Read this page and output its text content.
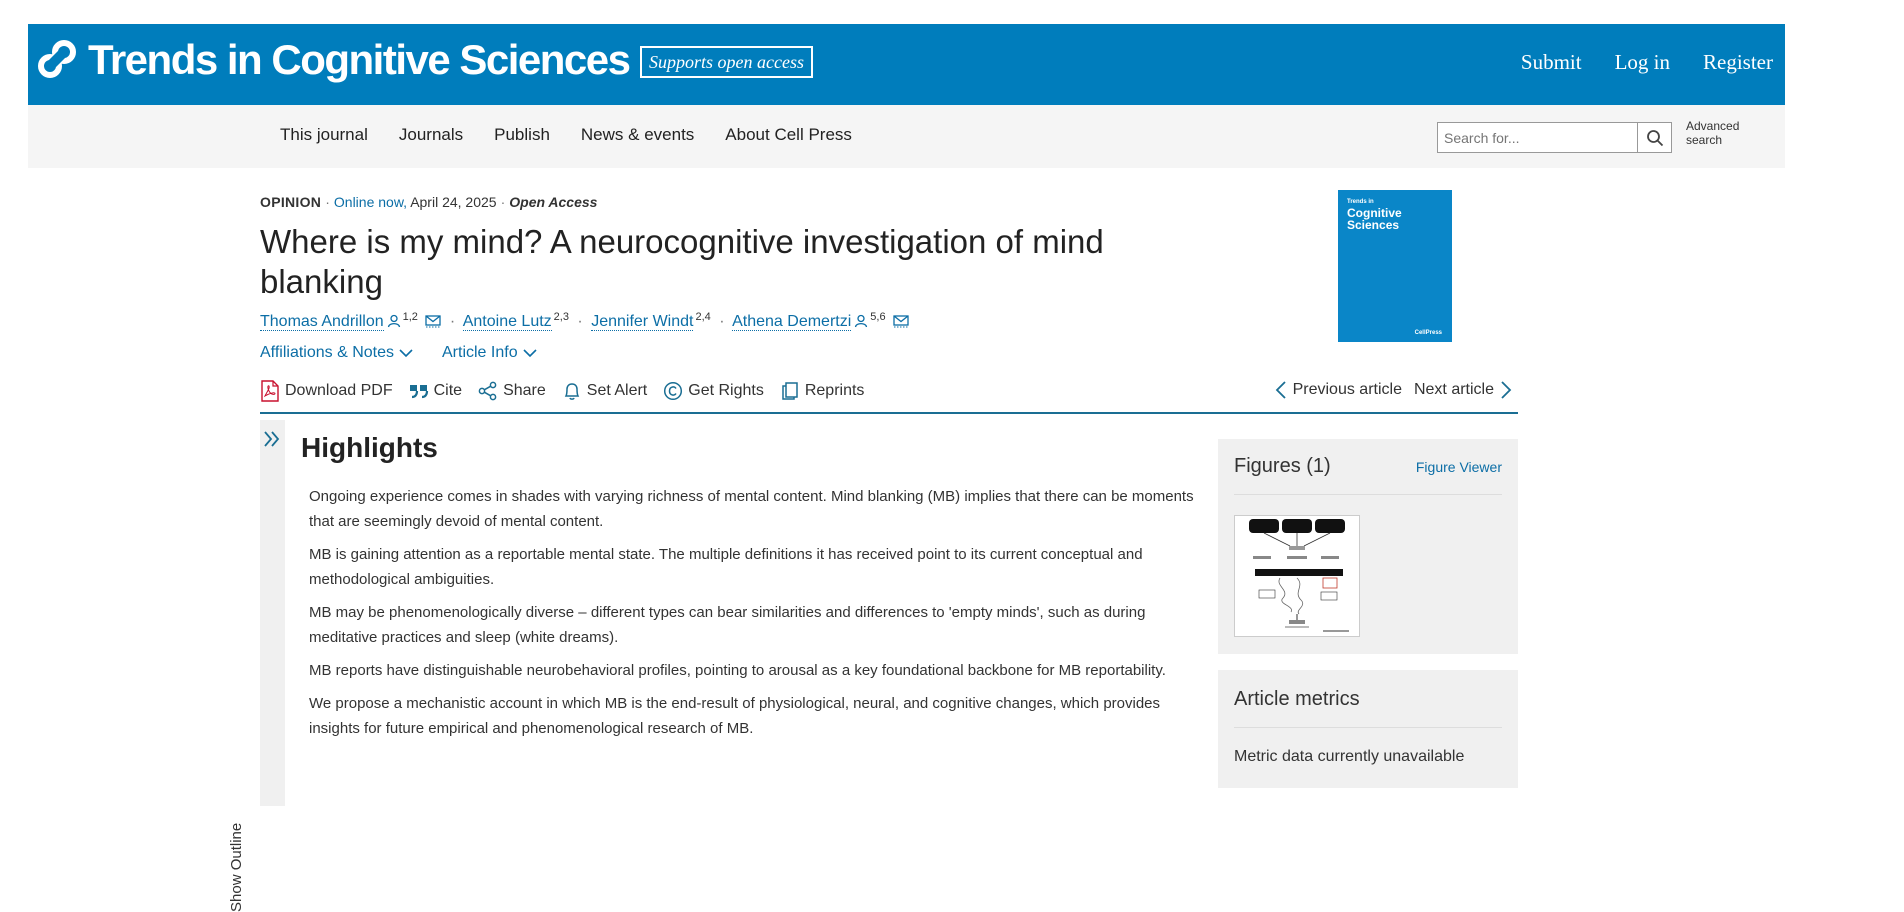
Trends in Cognitive Sciences	Supports open access	Submit Log in Register
This journal Journals Publish News & events About Cell Press
Search for...	Advanced
search
OPINION · Online now, April 24, 2025 · Open Access
Where is my mind? A neurocognitive investigation of mind blanking
Thomas Andrillon $^{1,2}$ · Antoine Lutz $^{2,3}$ · Jennifer Windt $^{2,4}$ · Athena Demertzi $^{5,6}$
Affiliations & Notes	Article Info
Download PDF	Cite	Share	Set Alert	Get Rights	Reprints	Previous article Next article
Trends in
Cognitive
Sciences
CellPress
Show Outline
Highlights
Ongoing experience comes in shades with varying richness of mental content. Mind blanking (MB) implies that there can be moments that are seemingly devoid of mental content.
MB is gaining attention as a reportable mental state. The multiple definitions it has received point to its current conceptual and methodological ambiguities.
MB may be phenomenologically diverse – different types can bear similarities and differences to 'empty minds', such as during meditative practices and sleep (white dreams).
MB reports have distinguishable neurobehavioral profiles, pointing to arousal as a key foundational backbone for MB reportability.
We propose a mechanistic account in which MB is the end-result of physiological, neural, and cognitive changes, which provides insights for future empirical and phenomenological research of MB.
Figures (1)	Figure Viewer
Article metrics
Metric data currently unavailable
